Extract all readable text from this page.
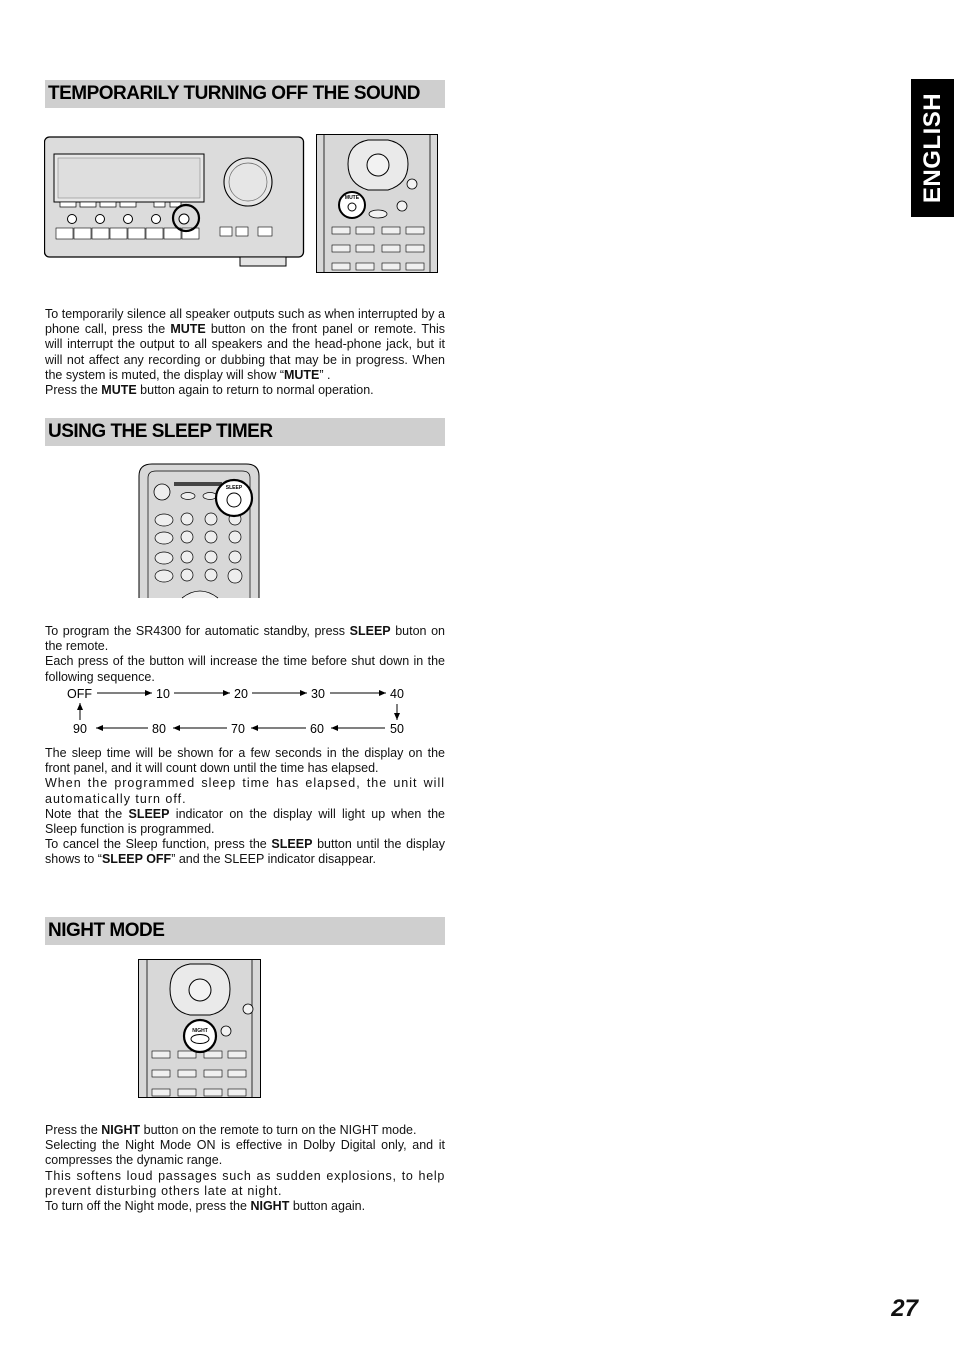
ENGLISH
TEMPORARILY TURNING OFF THE SOUND
MUTE

To temporarily silence all speaker outputs such as when interrupted by a phone call, press the MUTE button on the front panel or remote. This will interrupt the output to all speakers and the head-phone jack, but it will not affect any recording or dubbing that may be in progress. When the system is muted, the display will show “MUTE” .

Press the MUTE button again to return to normal operation.

USING THE SLEEP TIMER
SLEEP

To program the SR4300 for automatic standby, press SLEEP buton on the remote.

Each press of the button will increase the time before shut down in the following sequence.

OFF	10	20	30	40
90	80	70	60	50

The sleep time will be shown for a few seconds in the display on the front panel, and it will count down until the time has elapsed.

When the programmed sleep time has elapsed, the unit will automatically turn off.

Note that the SLEEP indicator on the display will light up when the Sleep function is programmed.

To cancel the Sleep function, press the SLEEP button until the display shows to “SLEEP OFF” and the SLEEP indicator disappear.

NIGHT MODE
NIGHT

Press the NIGHT button on the remote to turn on the NIGHT mode.

Selecting the Night Mode ON is effective in Dolby Digital only, and it compresses the dynamic range.

This softens loud passages such as sudden explosions, to help prevent disturbing others late at night.

To turn off the Night mode, press the NIGHT button again.

27
